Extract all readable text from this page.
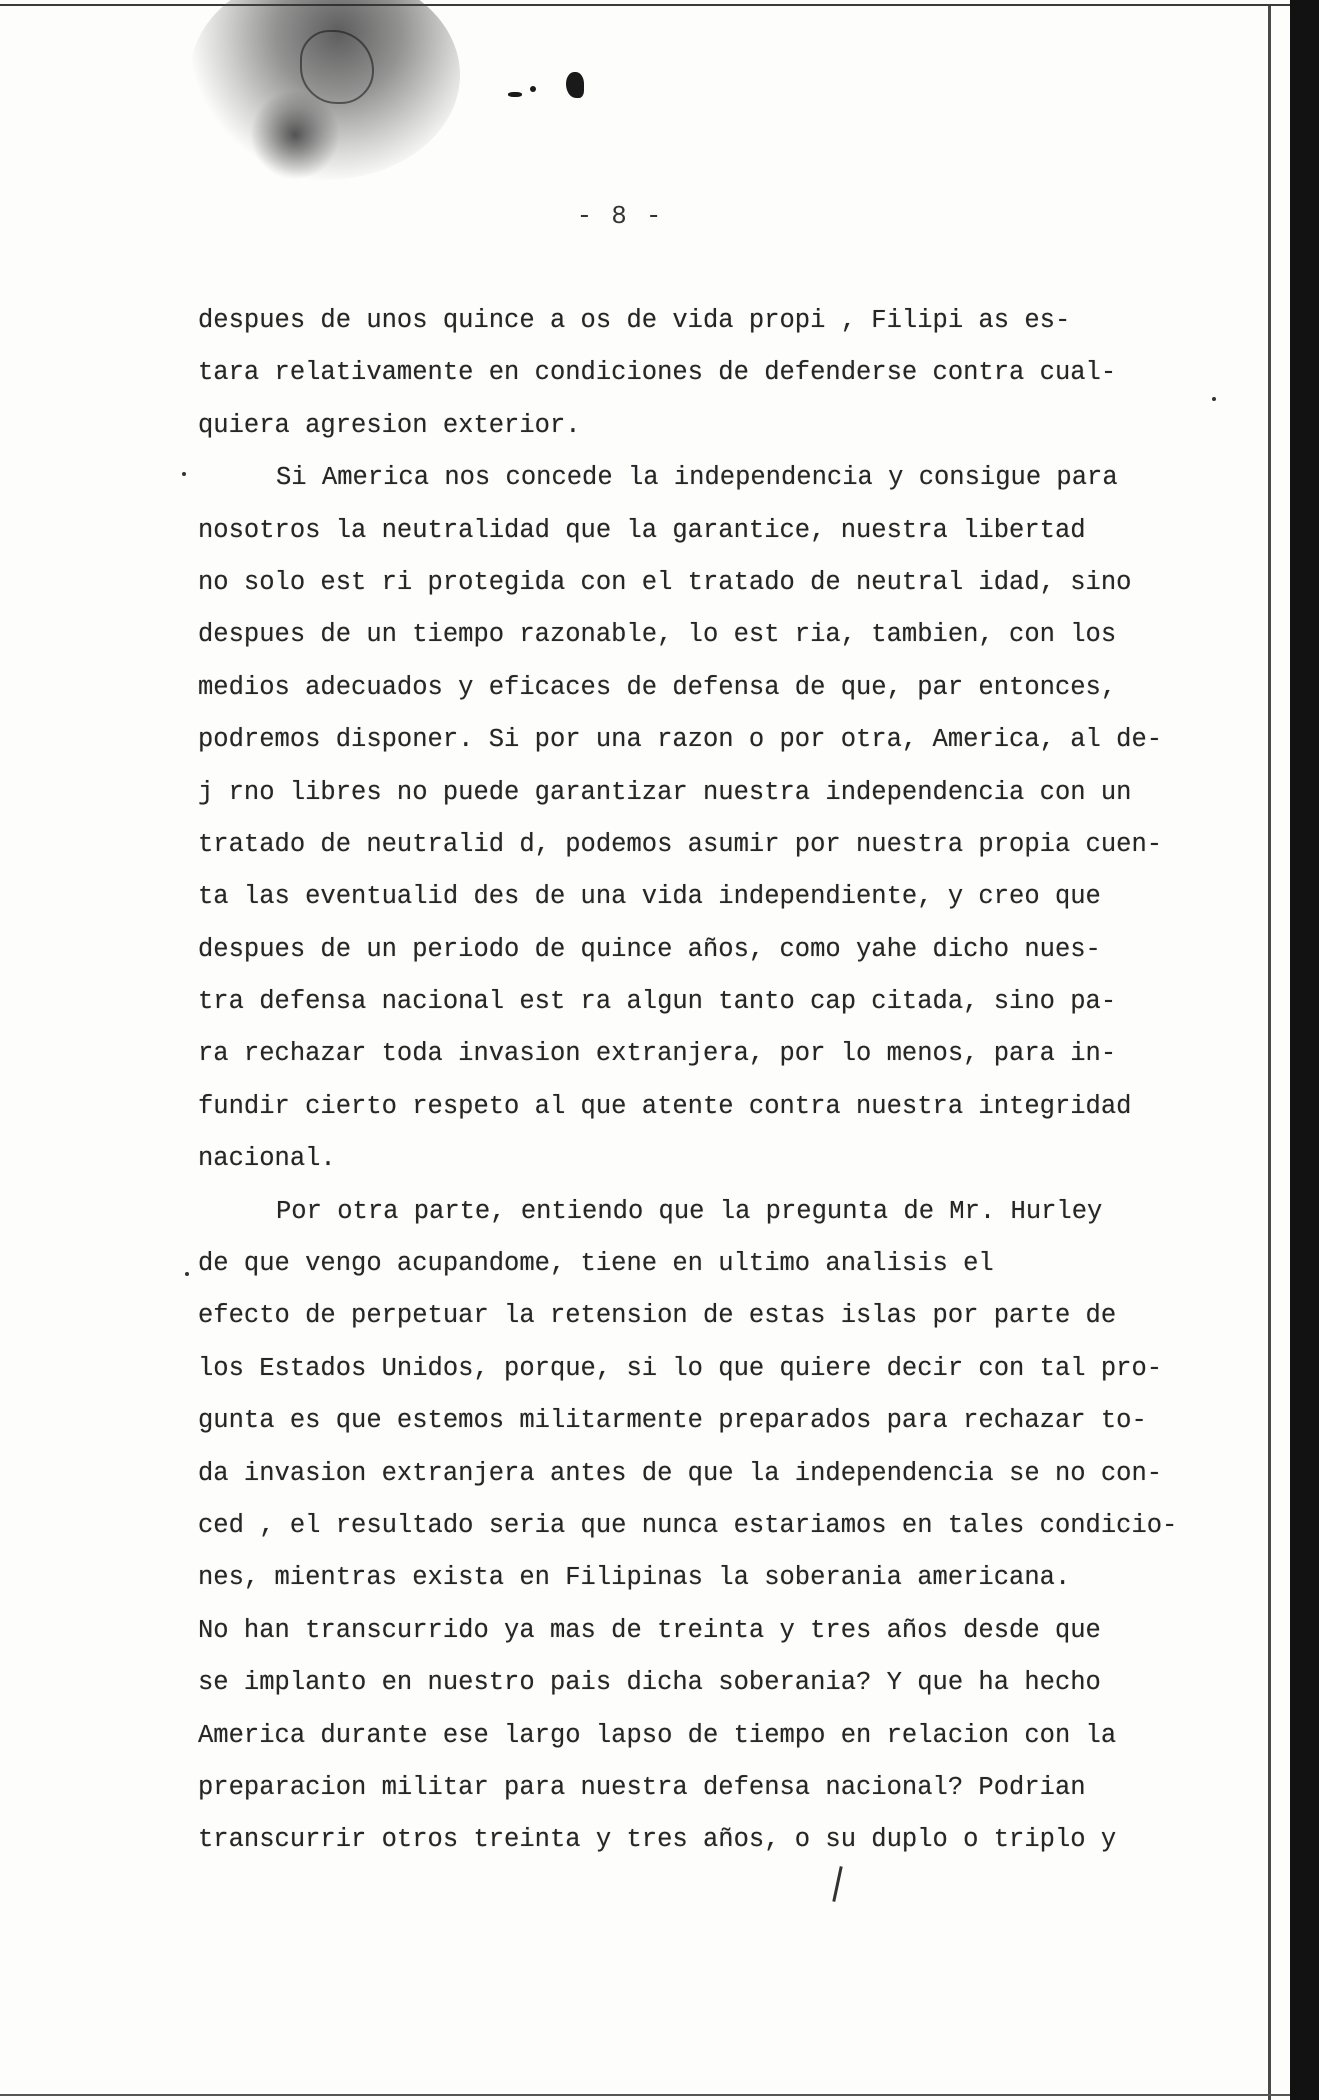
- 8 -
despues de unos quince a os de vida propi , Filipi as es-
tara relativamente en condiciones de defenderse contra cual-
quiera agresion exterior.
Si America nos concede la independencia y consigue para
nosotros la neutralidad que la garantice, nuestra libertad
no solo est ri protegida con el tratado de neutral idad, sino
despues de un tiempo razonable, lo est ria, tambien, con los
medios adecuados y eficaces de defensa de que, par entonces,
podremos disponer. Si por una razon o por otra, America, al de-
j rno libres no puede garantizar nuestra independencia con un
tratado de neutralid d, podemos asumir por nuestra propia cuen-
ta las eventualid des de una vida independiente, y creo que
despues de un periodo de quince años, como yahe dicho nues-
tra defensa nacional est ra algun tanto cap citada, sino pa-
ra rechazar toda invasion extranjera, por lo menos, para in-
fundir cierto respeto al que atente contra nuestra integridad
nacional.
Por otra parte, entiendo que la pregunta de Mr. Hurley
de que vengo acupandome, tiene en ultimo analisis el
efecto de perpetuar la retension de estas islas por parte de
los Estados Unidos, porque, si lo que quiere decir con tal pro-
gunta es que estemos militarmente preparados para rechazar to-
da invasion extranjera antes de que la independencia se no con-
ced , el resultado seria que nunca estariamos en tales condicio-
nes, mientras exista en Filipinas la soberania americana.
No han transcurrido ya mas de treinta y tres años desde que
se implanto en nuestro pais dicha soberania? Y que ha hecho
America durante ese largo lapso de tiempo en relacion con la
preparacion militar para nuestra defensa nacional? Podrian
transcurrir otros treinta y tres años, o su duplo o triplo y
